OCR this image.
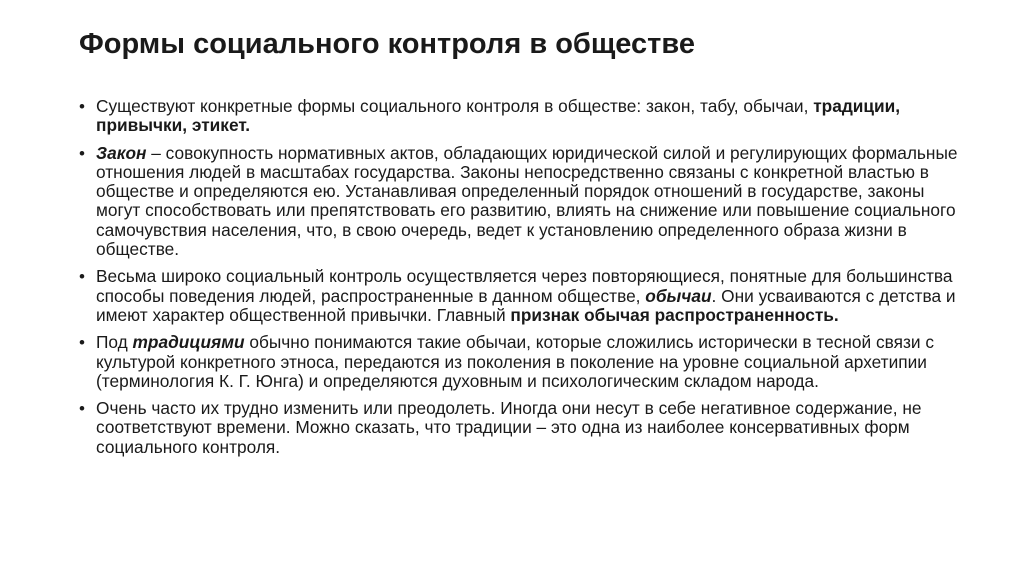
Формы социального контроля в обществе
• Существуют конкретные формы социального контроля в обществе: закон, табу, обычаи, традиции, привычки, этикет.
• Закон – совокупность нормативных актов, обладающих юридической силой и регулирующих формальные отношения людей в масштабах государства. Законы непосредственно связаны с конкретной властью в обществе и определяются ею. Устанавливая определенный порядок отношений в государстве, законы могут способствовать или препятствовать его развитию, влиять на снижение или повышение социального самочувствия населения, что, в свою очередь, ведет к установлению определенного образа жизни в обществе.
• Весьма широко социальный контроль осуществляется через повторяющиеся, понятные для большинства способы поведения людей, распространенные в данном обществе, обычаи. Они усваиваются с детства и имеют характер общественной привычки. Главный признак обычая распространенность.
• Под традициями обычно понимаются такие обычаи, которые сложились исторически в тесной связи с культурой конкретного этноса, передаются из поколения в поколение на уровне социальной архетипии (терминология К. Г. Юнга) и определяются духовным и психологическим складом народа.
• Очень часто их трудно изменить или преодолеть. Иногда они несут в себе негативное содержание, не соответствуют времени. Можно сказать, что традиции – это одна из наиболее консервативных форм социального контроля.
